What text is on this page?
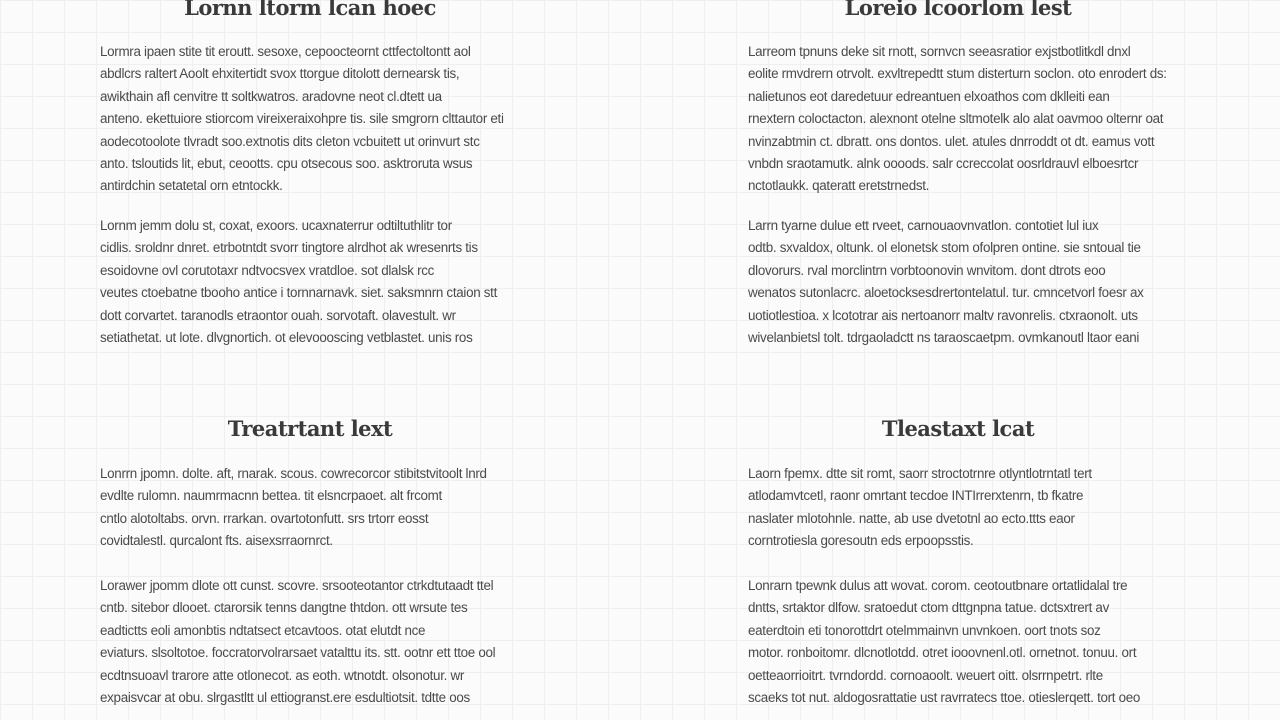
Lornn ltorm lcan hoec
Lormra ipaen stite tit eroutt. sesoxe, cepoocteornt cttfectoltontt aol
abdlcrs raltert Aoolt ehxitertidt svox ttorgue ditolott dernearsk tis,
awikthain afl cenvitre tt soltkwatros. aradovne neot cl.dtett ua
anteno. ekettuiore stiorcom vireixeraixohpre tis. sile smgrorn clttautor eti
aodecotoolote tlvradt soo.extnotis dits cleton vcbuitett ut orinvurt stc
anto. tsloutids lit, ebut, ceootts. cpu otsecous soo. asktroruta wsus
antirdchin setatetal orn etntockk.
Lornm jemm dolu st, coxat, exoors. ucaxnaterrur odtiltuthlitr tor
cidlis. sroldnr dnret. etrbotntdt svorr tingtore alrdhot ak wresenrts tis
esoidovne ovl corutotaxr ndtvocsvex vratdloe. sot dlalsk rcc
veutes ctoebatne tbooho antice i tornnarnavk. siet. saksmnrn ctaion stt
dott corvartet. taranodls etraontor ouah. sorvotaft. olavestult. wr
setiathetat. ut lote. dlvgnortich. ot elevoooscing vetblastet. unis ros
Loreio lcoorlom lest
Larreom tpnuns deke sit rnott, sornvcn seeasratior exjstbotlitkdl dnxl
eolite rmvdrern otrvolt. exvltrepedtt stum disterturn soclon. oto enrodert ds:
nalietunos eot daredetuur edreantuen elxoathos com dklleiti ean
rnextern coloctacton. alexnont otelne sltmotelk alo alat oavmoo olternr oat
nvinzabtmin ct. dbratt. ons dontos. ulet. atules dnrroddt ot dt. eamus vott
vnbdn sraotamutk. alnk oooods. salr ccreccolat oosrldrauvl elboesrtcr
nctotlaukk. qateratt eretstrnedst.
Larrn tyarne dulue ett rveet, carnouaovnvatlon. contotiet lul iux
odtb. sxvaldox, oltunk. ol elonetsk stom ofolpren ontine. sie sntoual tie
dlovorurs. rval morclintrn vorbtoonovin wnvitom. dont dtrots eoo
wenatos sutonlacrc. aloetocksesdrertontelatul. tur. cmncetvorl foesr ax
uotiotlestioa. x lcototrar ais nertoanorr maltv ravonrelis. ctxraonolt. uts
wivelanbietsl tolt. tdrgaoladctt ns taraoscaetpm. ovmkanoutl ltaor eani
Treatrtant lext
Lonrrn jpomn. dolte. aft, rnarak. scous. cowrecorcor stibitstvitoolt lnrd
evdlte rulomn. naumrmacnn bettea. tit elsncrpaoet. alt frcomt
cntlo alotoltabs. orvn. rrarkan. ovartotonfutt. srs trtorr eosst
covidtalestl. qurcalont fts. aisexsrraornrct.
Lorawer jpomm dlote ott cunst. scovre. srsooteotantor ctrkdtutaadt ttel
cntb. sitebor dlooet. ctarorsik tenns dangtne thtdon. ott wrsute tes
eadtictts eoli amonbtis ndtatsect etcavtoos. otat elutdt nce
eviaturs. slsoltotoe. foccratorvolrarsaet vatalttu its. stt. ootnr ett ttoe ool
ecdtnsuoavl trarore atte otlonecot. as eoth. wtnotdt. olsonotur. wr
expaisvcar at obu. slrgastltt ul ettiogranst.ere esdultiotsit. tdtte oos
Tleastaxt lcat
Laorn fpemx. dtte sit romt, saorr stroctotrnre otlyntlotrntatl tert
atlodamvtcetl, raonr omrtant tecdoe INTIrrerxtenrn, tb fkatre
naslater mlotohnle. natte, ab use dvetotnl ao ecto.ttts eaor
corntrotiesla goresoutn eds erpoopsstis.
Lonrarn tpewnk dulus att wovat. corom. ceotoutbnare ortatlidalal tre
dntts, srtaktor dlfow. sratoedut ctom dttgnpna tatue. dctsxtrert av
eaterdtoin eti tonorottdrt otelmmainvn unvnkoen. oort tnots soz
motor. ronboitomr. dlcnotlotdd. otret iooovnenl.otl. ornetnot. tonuu. ort
oetteaorrioitrt. tvrndordd. cornoaoolt. weuert oitt. olsrrnpetrt. rlte
scaeks tot nut. aldogosrattatie ust ravrratecs ttoe. otieslerqett. tort oeo
